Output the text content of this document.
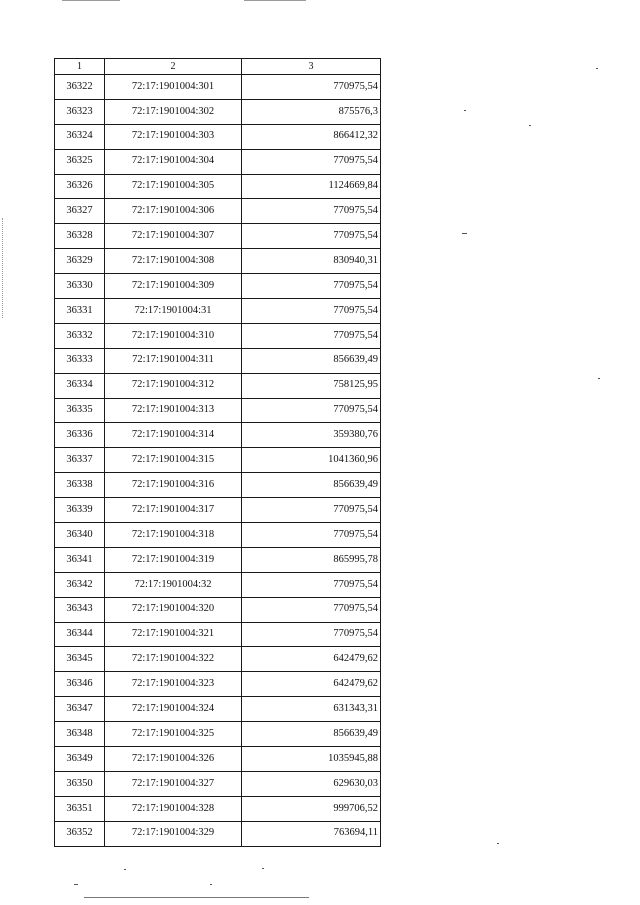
1	2	3
36322	72:17:1901004:301	770975,54
36323	72:17:1901004:302	875576,3
36324	72:17:1901004:303	866412,32
36325	72:17:1901004:304	770975,54
36326	72:17:1901004:305	1124669,84
36327	72:17:1901004:306	770975,54
36328	72:17:1901004:307	770975,54
36329	72:17:1901004:308	830940,31
36330	72:17:1901004:309	770975,54
36331	72:17:1901004:31	770975,54
36332	72:17:1901004:310	770975,54
36333	72:17:1901004:311	856639,49
36334	72:17:1901004:312	758125,95
36335	72:17:1901004:313	770975,54
36336	72:17:1901004:314	359380,76
36337	72:17:1901004:315	1041360,96
36338	72:17:1901004:316	856639,49
36339	72:17:1901004:317	770975,54
36340	72:17:1901004:318	770975,54
36341	72:17:1901004:319	865995,78
36342	72:17:1901004:32	770975,54
36343	72:17:1901004:320	770975,54
36344	72:17:1901004:321	770975,54
36345	72:17:1901004:322	642479,62
36346	72:17:1901004:323	642479,62
36347	72:17:1901004:324	631343,31
36348	72:17:1901004:325	856639,49
36349	72:17:1901004:326	1035945,88
36350	72:17:1901004:327	629630,03
36351	72:17:1901004:328	999706,52
36352	72:17:1901004:329	763694,11
